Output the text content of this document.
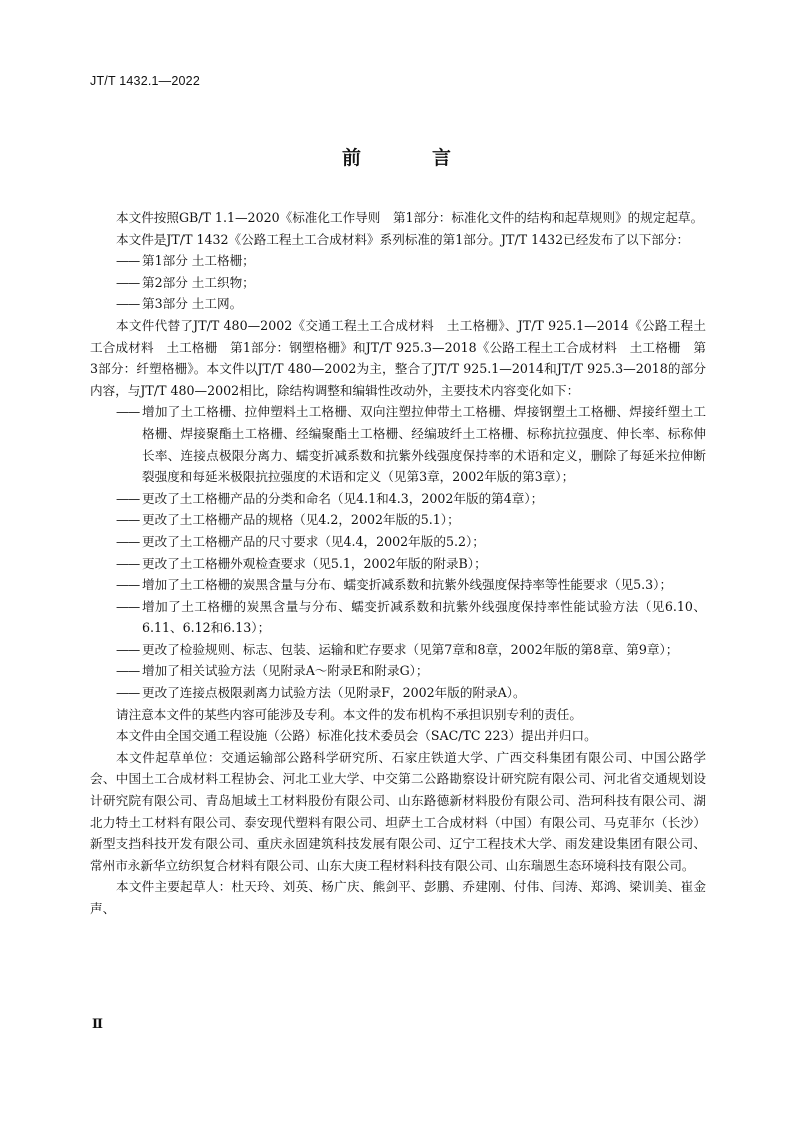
JT/T 1432.1—2022
前　言

本文件按照GB/T 1.1—2020《标准化工作导则　第1部分：标准化文件的结构和起草规则》的规定起草。

本文件是JT/T 1432《公路工程土工合成材料》系列标准的第1部分。JT/T 1432已经发布了以下部分：

—— 第1部分 土工格栅；
—— 第2部分 土工织物；
—— 第3部分 土工网。

本文件代替了JT/T 480—2002《交通工程土工合成材料　土工格栅》、JT/T 925.1—2014《公路工程土工合成材料　土工格栅　第1部分：钢塑格栅》和JT/T 925.3—2018《公路工程土工合成材料　土工格栅　第3部分：纤塑格栅》。本文件以JT/T 480—2002为主，整合了JT/T 925.1—2014和JT/T 925.3—2018的部分内容，与JT/T 480—2002相比，除结构调整和编辑性改动外，主要技术内容变化如下：

—— 增加了土工格栅、拉伸塑料土工格栅、双向注塑拉伸带土工格栅、焊接钢塑土工格栅、焊接纤塑土工格栅、焊接聚酯土工格栅、经编聚酯土工格栅、经编玻纤土工格栅、标称抗拉强度、伸长率、标称伸长率、连接点极限分离力、蠕变折减系数和抗紫外线强度保持率的术语和定义，删除了每延米拉伸断裂强度和每延米极限抗拉强度的术语和定义（见第3章，2002年版的第3章）；
—— 更改了土工格栅产品的分类和命名（见4.1和4.3，2002年版的第4章）；
—— 更改了土工格栅产品的规格（见4.2，2002年版的5.1）；
—— 更改了土工格栅产品的尺寸要求（见4.4，2002年版的5.2）；
—— 更改了土工格栅外观检查要求（见5.1，2002年版的附录B）；
—— 增加了土工格栅的炭黑含量与分布、蠕变折减系数和抗紫外线强度保持率等性能要求（见5.3）；
—— 增加了土工格栅的炭黑含量与分布、蠕变折减系数和抗紫外线强度保持率性能试验方法（见6.10、6.11、6.12和6.13）；
—— 更改了检验规则、标志、包装、运输和贮存要求（见第7章和8章，2002年版的第8章、第9章）；
—— 增加了相关试验方法（见附录A～附录E和附录G）；
—— 更改了连接点极限剥离力试验方法（见附录F，2002年版的附录A）。

请注意本文件的某些内容可能涉及专利。本文件的发布机构不承担识别专利的责任。

本文件由全国交通工程设施（公路）标准化技术委员会（SAC/TC 223）提出并归口。

本文件起草单位：交通运输部公路科学研究所、石家庄铁道大学、广西交科集团有限公司、中国公路学会、中国土工合成材料工程协会、河北工业大学、中交第二公路勘察设计研究院有限公司、河北省交通规划设计研究院有限公司、青岛旭域土工材料股份有限公司、山东路德新材料股份有限公司、浩珂科技有限公司、湖北力特土工材料有限公司、泰安现代塑料有限公司、坦萨土工合成材料（中国）有限公司、马克菲尔（长沙）新型支挡科技开发有限公司、重庆永固建筑科技发展有限公司、辽宁工程技术大学、雨发建设集团有限公司、常州市永新华立纺织复合材料有限公司、山东大庚工程材料科技有限公司、山东瑞恩生态环境科技有限公司。

本文件主要起草人：杜天玲、刘英、杨广庆、熊剑平、彭鹏、乔建刚、付伟、闫涛、郑鸿、梁训美、崔金声、

Ⅱ
